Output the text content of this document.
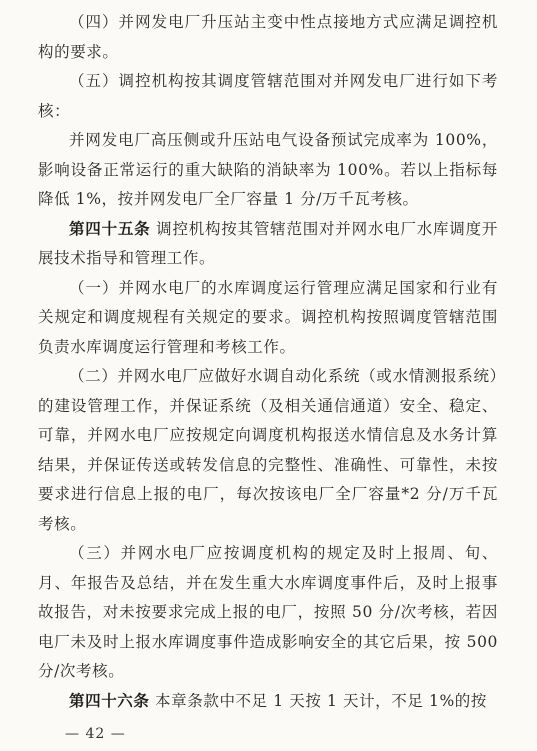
（四）并网发电厂升压站主变中性点接地方式应满足调控机构的要求。

（五）调控机构按其调度管辖范围对并网发电厂进行如下考核：

并网发电厂高压侧或升压站电气设备预试完成率为 100%，影响设备正常运行的重大缺陷的消缺率为 100%。若以上指标每降低 1%，按并网发电厂全厂容量 1 分/万千瓦考核。

第四十五条 调控机构按其管辖范围对并网水电厂水库调度开展技术指导和管理工作。

（一）并网水电厂的水库调度运行管理应满足国家和行业有关规定和调度规程有关规定的要求。调控机构按照调度管辖范围负责水库调度运行管理和考核工作。

（二）并网水电厂应做好水调自动化系统（或水情测报系统）的建设管理工作，并保证系统（及相关通信通道）安全、稳定、可靠，并网水电厂应按规定向调度机构报送水情信息及水务计算结果，并保证传送或转发信息的完整性、准确性、可靠性，未按要求进行信息上报的电厂，每次按该电厂全厂容量*2 分/万千瓦考核。

（三）并网水电厂应按调度机构的规定及时上报周、旬、月、年报告及总结，并在发生重大水库调度事件后，及时上报事故报告，对未按要求完成上报的电厂，按照 50 分/次考核，若因电厂未及时上报水库调度事件造成影响安全的其它后果，按 500 分/次考核。

第四十六条 本章条款中不足 1 天按 1 天计，不足 1%的按

— 42 —
